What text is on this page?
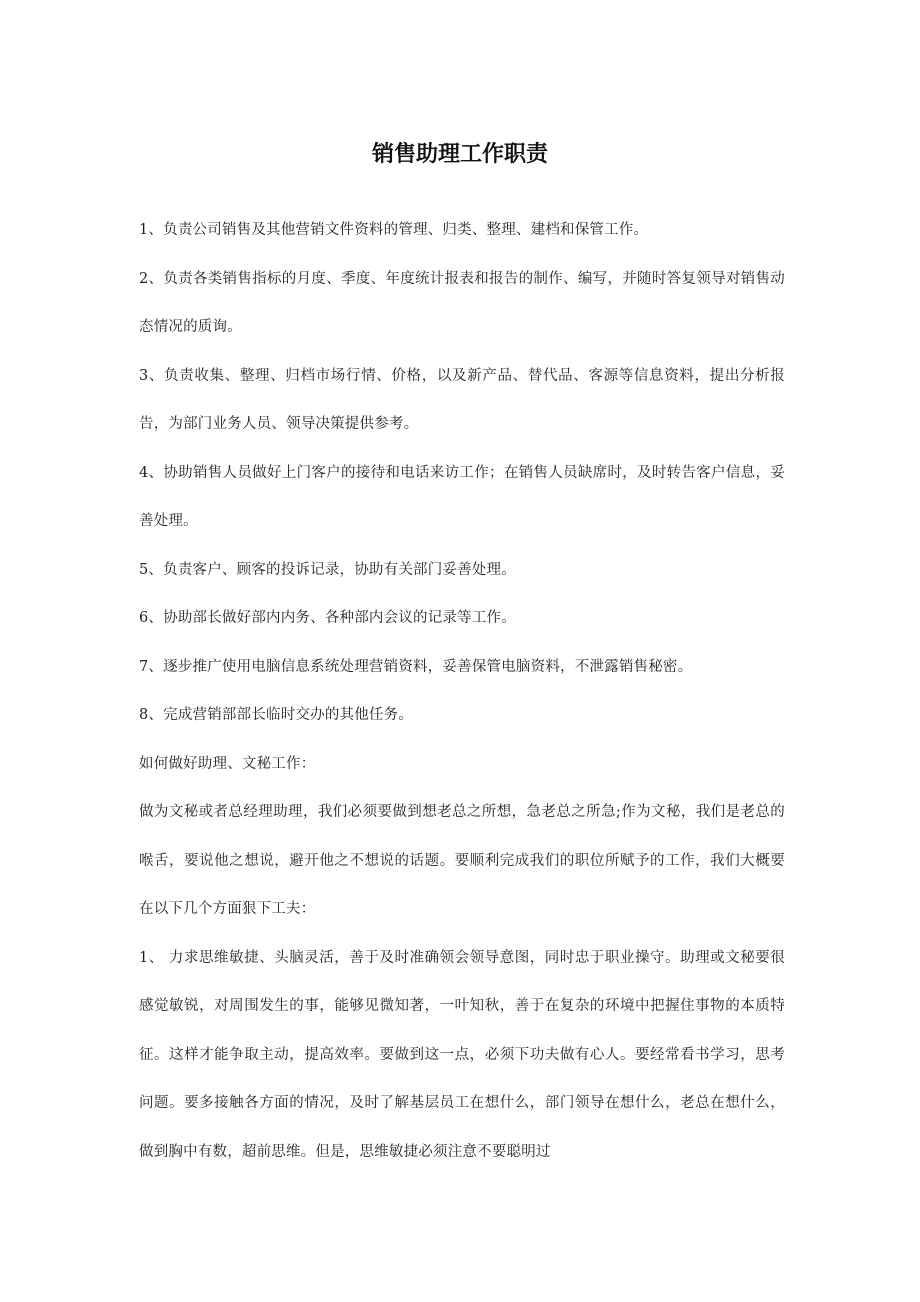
销售助理工作职责

1、负责公司销售及其他营销文件资料的管理、归类、整理、建档和保管工作。

2、负责各类销售指标的月度、季度、年度统计报表和报告的制作、编写，并随时答复领导对销售动态情况的质询。

3、负责收集、整理、归档市场行情、价格，以及新产品、替代品、客源等信息资料，提出分析报告，为部门业务人员、领导决策提供参考。

4、协助销售人员做好上门客户的接待和电话来访工作；在销售人员缺席时，及时转告客户信息，妥善处理。

5、负责客户、顾客的投诉记录，协助有关部门妥善处理。

6、协助部长做好部内内务、各种部内会议的记录等工作。

7、逐步推广使用电脑信息系统处理营销资料，妥善保管电脑资料，不泄露销售秘密。

8、完成营销部部长临时交办的其他任务。

如何做好助理、文秘工作：

做为文秘或者总经理助理，我们必须要做到想老总之所想，急老总之所急;作为文秘，我们是老总的喉舌，要说他之想说，避开他之不想说的话题。要顺利完成我们的职位所赋予的工作，我们大概要在以下几个方面狠下工夫：

1、 力求思维敏捷、头脑灵活，善于及时准确领会领导意图，同时忠于职业操守。助理或文秘要很感觉敏锐，对周围发生的事，能够见微知著，一叶知秋，善于在复杂的环境中把握住事物的本质特征。这样才能争取主动，提高效率。要做到这一点，必须下功夫做有心人。要经常看书学习，思考问题。要多接触各方面的情况，及时了解基层员工在想什么，部门领导在想什么，老总在想什么，做到胸中有数，超前思维。但是，思维敏捷必须注意不要聪明过
